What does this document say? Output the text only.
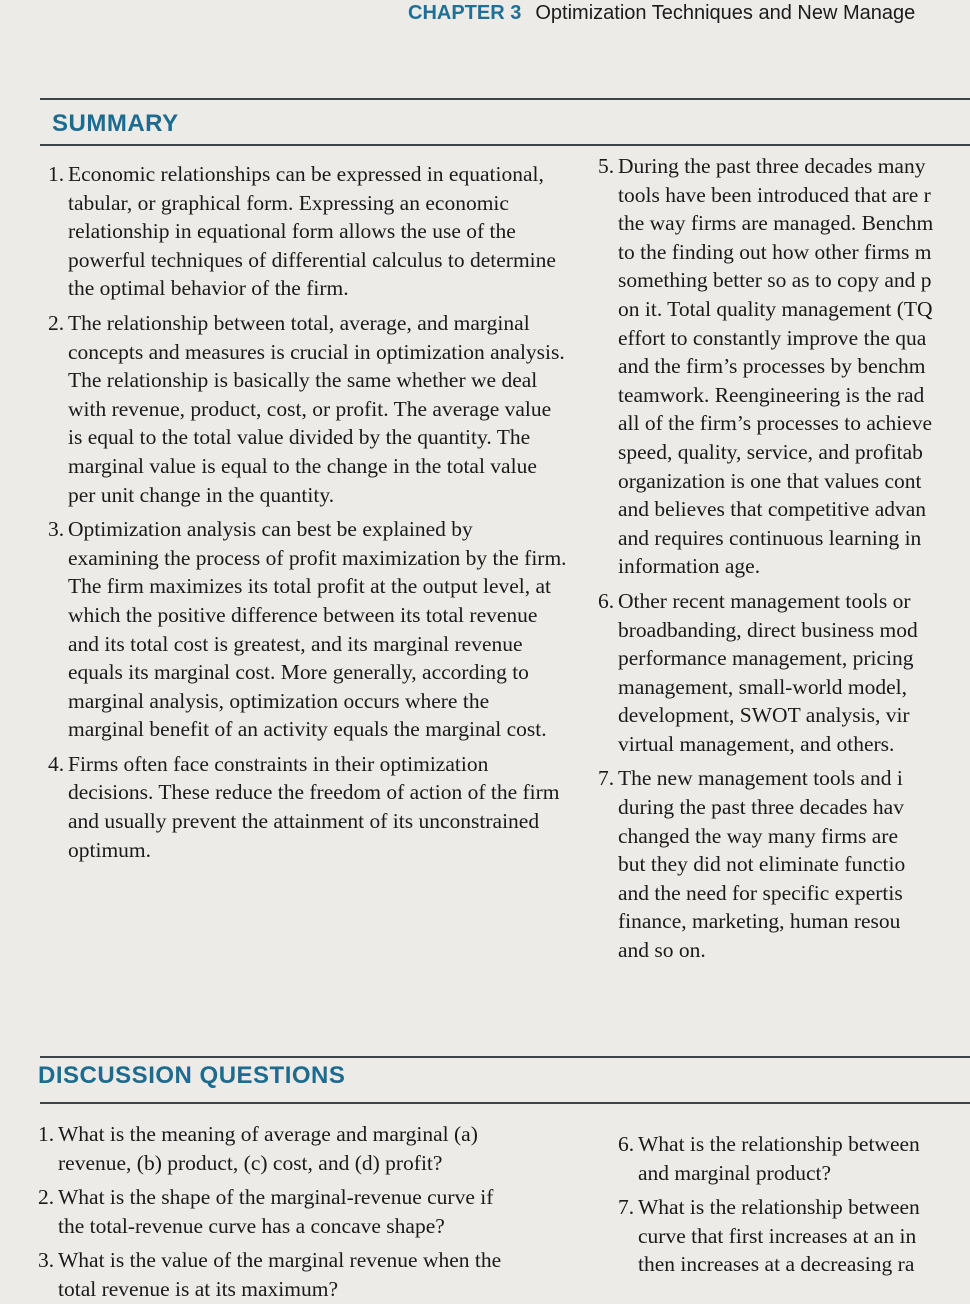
CHAPTER 3 Optimization Techniques and New Manage
SUMMARY
1. Economic relationships can be expressed in equational, tabular, or graphical form. Expressing an economic relationship in equational form allows the use of the powerful techniques of differential calculus to determine the optimal behavior of the firm.
2. The relationship between total, average, and marginal concepts and measures is crucial in optimization analysis. The relationship is basically the same whether we deal with revenue, product, cost, or profit. The average value is equal to the total value divided by the quantity. The marginal value is equal to the change in the total value per unit change in the quantity.
3. Optimization analysis can best be explained by examining the process of profit maximization by the firm. The firm maximizes its total profit at the output level, at which the positive difference between its total revenue and its total cost is greatest, and its marginal revenue equals its marginal cost. More generally, according to marginal analysis, optimization occurs where the marginal benefit of an activity equals the marginal cost.
4. Firms often face constraints in their optimization decisions. These reduce the freedom of action of the firm and usually prevent the attainment of its unconstrained optimum.
5. During the past three decades many
tools have been introduced that are r
the way firms are managed. Benchm
to the finding out how other firms m
something better so as to copy and p
on it. Total quality management (TQ
effort to constantly improve the qua
and the firm’s processes by benchm
teamwork. Reengineering is the rad
all of the firm’s processes to achieve
speed, quality, service, and profitab
organization is one that values cont
and believes that competitive advan
and requires continuous learning in
information age.
6. Other recent management tools or
broadbanding, direct business mod
performance management, pricing
management, small-world model,
development, SWOT analysis, vir
virtual management, and others.
7. The new management tools and i
during the past three decades hav
changed the way many firms are
but they did not eliminate functio
and the need for specific expertis
finance, marketing, human resou
and so on.
DISCUSSION QUESTIONS
1. What is the meaning of average and marginal (a)
revenue, (b) product, (c) cost, and (d) profit?
2. What is the shape of the marginal-revenue curve if
the total-revenue curve has a concave shape?
3. What is the value of the marginal revenue when the
total revenue is at its maximum?
6. What is the relationship between
and marginal product?
7. What is the relationship between
curve that first increases at an in
then increases at a decreasing ra
